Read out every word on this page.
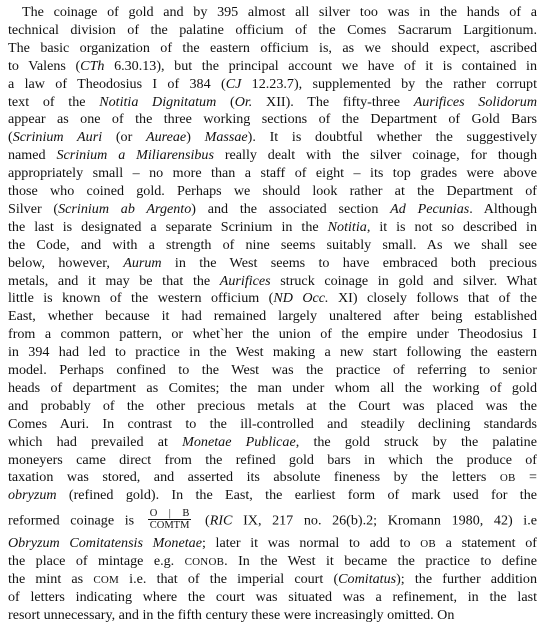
The coinage of gold and by 395 almost all silver too was in the hands of a
technical division of the palatine officium of the Comes Sacrarum Largitionum.
The basic organization of the eastern officium is, as we should expect, ascribed
to Valens (CTh 6.30.13), but the principal account we have of it is contained in
a law of Theodosius I of 384 (CJ 12.23.7), supplemented by the rather corrupt
text of the Notitia Dignitatum (Or. XII). The fifty-three Aurifices Solidorum
appear as one of the three working sections of the Department of Gold Bars
(Scrinium Auri (or Aureae) Massae). It is doubtful whether the suggestively
named Scrinium a Miliarensibus really dealt with the silver coinage, for though
appropriately small – no more than a staff of eight – its top grades were above
those who coined gold. Perhaps we should look rather at the Department of
Silver (Scrinium ab Argento) and the associated section Ad Pecunias. Although
the last is designated a separate Scrinium in the Notitia, it is not so described in
the Code, and with a strength of nine seems suitably small. As we shall see
below, however, Aurum in the West seems to have embraced both precious
metals, and it may be that the Aurifices struck coinage in gold and silver. What
little is known of the western officium (ND Occ. XI) closely follows that of the
East, whether because it had remained largely unaltered after being established
from a common pattern, or whet`her the union of the empire under Theodosius I
in 394 had led to practice in the West making a new start following the eastern
model. Perhaps confined to the West was the practice of referring to senior
heads of department as Comites; the man under whom all the working of gold
and probably of the other precious metals at the Court was placed was the
Comes Auri. In contrast to the ill-controlled and steadily declining standards
which had prevailed at Monetae Publicae, the gold struck by the palatine
moneyers came direct from the refined gold bars in which the produce of
taxation was stored, and asserted its absolute fineness by the letters OB =
obryzum (refined gold). In the East, the earliest form of mark used for the
reformed coinage is $\frac{O | B}{\text{COMTM}} (RIC$ IX, 217 no. 26(b).2; Kromann 1980, 42) i.e
Obryzum Comitatensis Monetae; later it was normal to add to OB a statement of
the place of mintage e.g. CONOB. In the West it became the practice to define
the mint as COM i.e. that of the imperial court (Comitatus); the further addition
of letters indicating where the court was situated was a refinement, in the last
resort unnecessary, and in the fifth century these were increasingly omitted. On
